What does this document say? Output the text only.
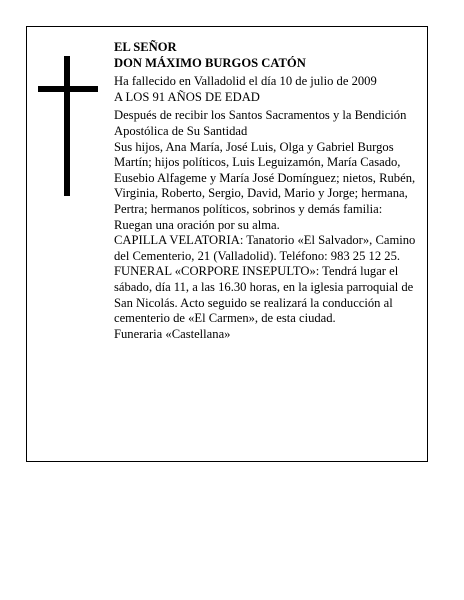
EL SEÑOR

DON MÁXIMO BURGOS CATÓN

Ha fallecido en Valladolid el día 10 de julio de 2009

A LOS 91 AÑOS DE EDAD

Después de recibir los Santos Sacramentos y la Bendición Apostólica de Su Santidad

Sus hijos, Ana María, José Luis, Olga y Gabriel Burgos Martín; hijos políticos, Luis Leguizamón, María Casado, Eusebio Alfageme y María José Domínguez; nietos, Rubén, Virginia, Roberto, Sergio, David, Mario y Jorge; hermana, Pertra; hermanos políticos, sobrinos y demás familia:

Ruegan una oración por su alma.

CAPILLA VELATORIA: Tanatorio «El Salvador», Camino del Cementerio, 21 (Valladolid). Teléfono: 983 25 12 25.

FUNERAL «CORPORE INSEPULTO»: Tendrá lugar el sábado, día 11, a las 16.30 horas, en la iglesia parroquial de San Nicolás. Acto seguido se realizará la conducción al cementerio de «El Carmen», de esta ciudad.

Funeraria «Castellana»
